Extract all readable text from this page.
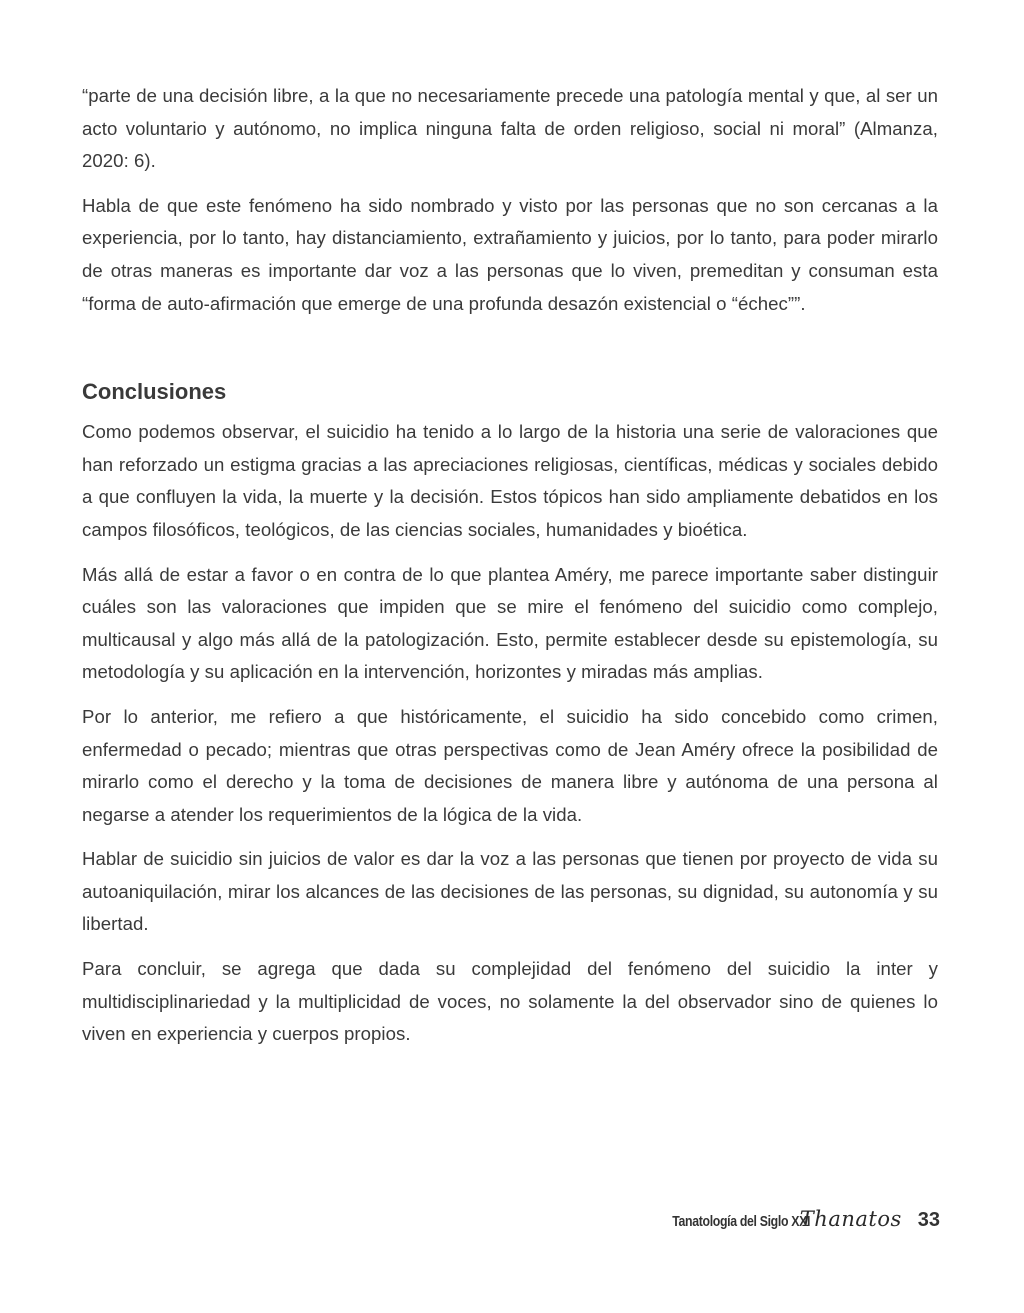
“parte de una decisión libre, a la que no necesariamente precede una patología mental y que, al ser un acto voluntario y autónomo, no implica ninguna falta de orden religioso, social ni moral” (Almanza, 2020: 6).

Habla de que este fenómeno ha sido nombrado y visto por las personas que no son cercanas a la experiencia, por lo tanto, hay distanciamiento, extrañamiento y juicios, por lo tanto, para poder mirarlo de otras maneras es importante dar voz a las personas que lo viven, premeditan y consuman esta “forma de auto-afirmación que emerge de una profunda desazón existencial o “échec””.

Conclusiones

Como podemos observar, el suicidio ha tenido a lo largo de la historia una serie de valoraciones que han reforzado un estigma gracias a las apreciaciones religiosas, científicas, médicas y sociales debido a que confluyen la vida, la muerte y la decisión. Estos tópicos han sido ampliamente debatidos en los campos filosóficos, teológicos, de las ciencias sociales, humanidades y bioética.

Más allá de estar a favor o en contra de lo que plantea Améry, me parece importante saber distinguir cuáles son las valoraciones que impiden que se mire el fenómeno del suicidio como complejo, multicausal y algo más allá de la patologización. Esto, permite establecer desde su epistemología, su metodología y su aplicación en la intervención, horizontes y miradas más amplias.

Por lo anterior, me refiero a que históricamente, el suicidio ha sido concebido como crimen, enfermedad o pecado; mientras que otras perspectivas como de Jean Améry ofrece la posibilidad de mirarlo como el derecho y la toma de decisiones de manera libre y autónoma de una persona al negarse a atender los requerimientos de la lógica de la vida.

Hablar de suicidio sin juicios de valor es dar la voz a las personas que tienen por proyecto de vida su autoaniquilación, mirar los alcances de las decisiones de las personas, su dignidad, su autonomía y su libertad.

Para concluir, se agrega que dada su complejidad del fenómeno del suicidio la inter y multidisciplinariedad y la multiplicidad de voces, no solamente la del observador sino de quienes lo viven en experiencia y cuerpos propios.

Tanatología del Siglo XXI
Thanatos 33
